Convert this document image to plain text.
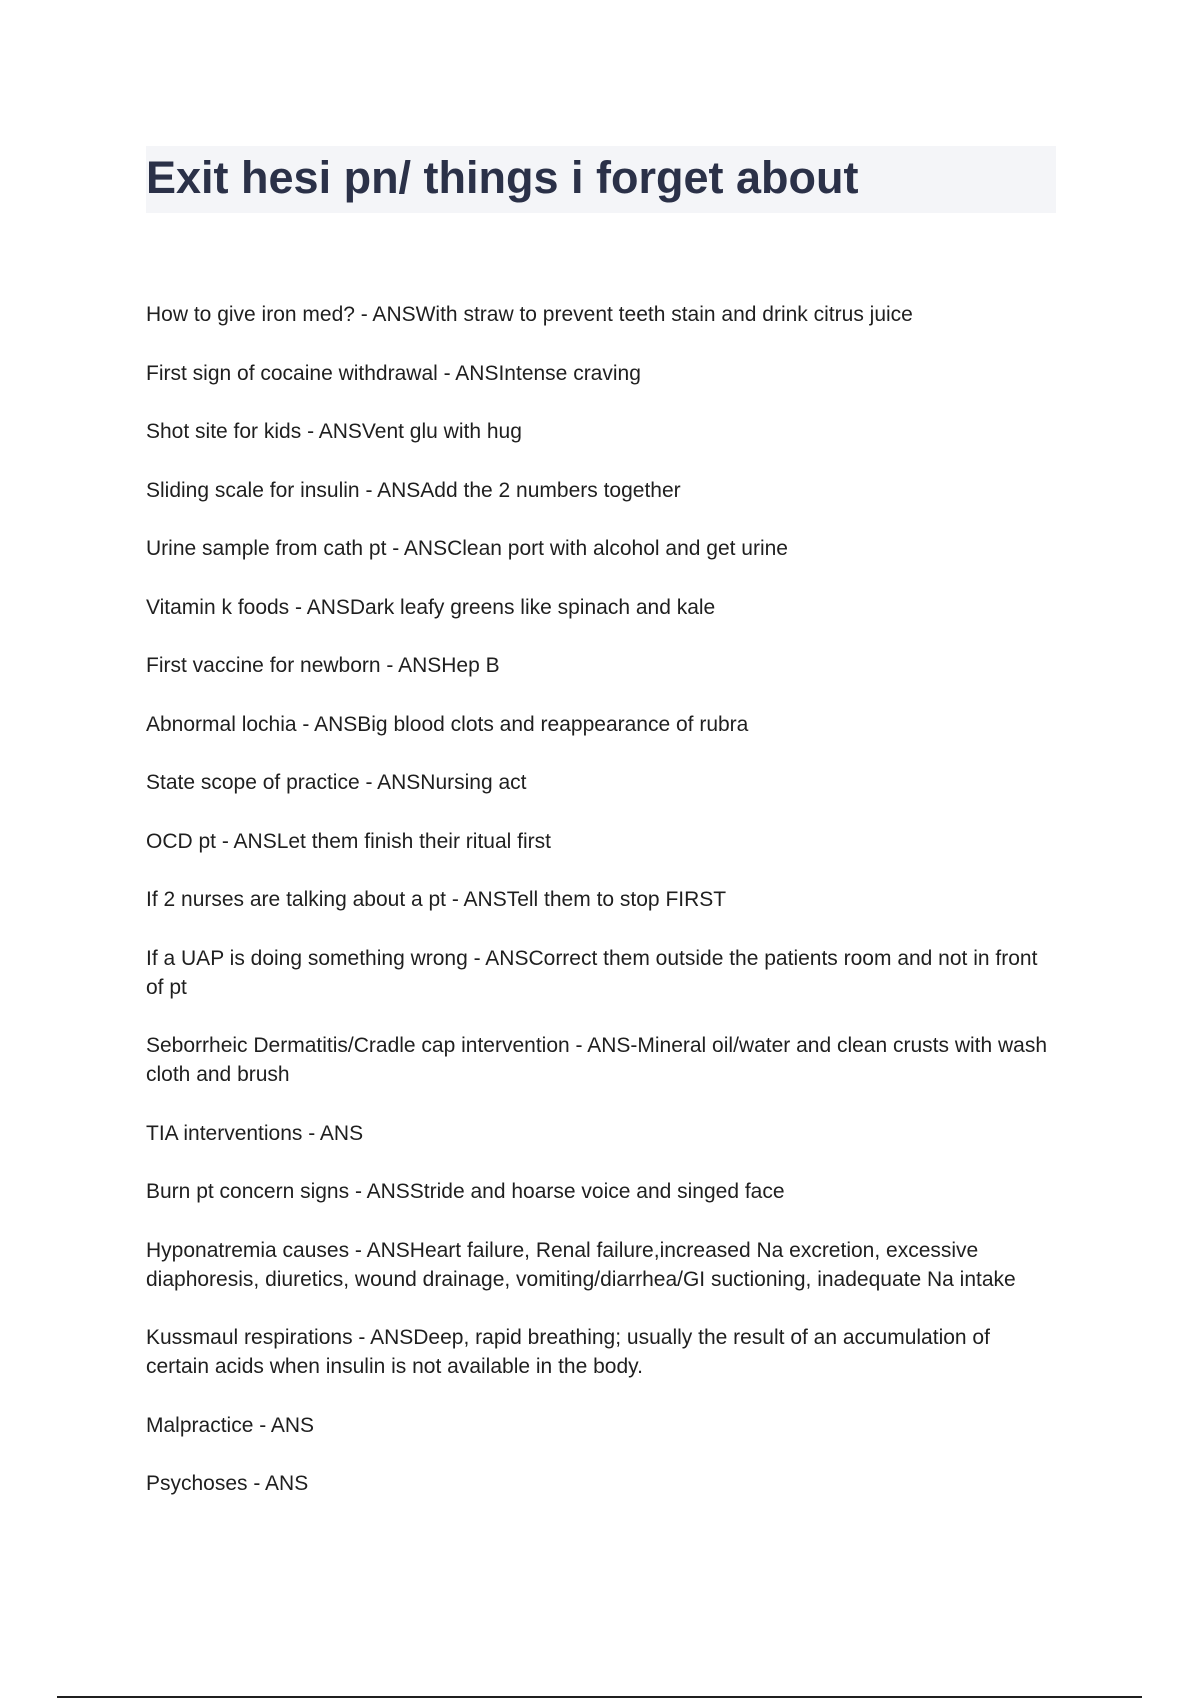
Exit hesi pn/ things i forget about
How to give iron med? - ANSWith straw to prevent teeth stain and drink citrus juice
First sign of cocaine withdrawal - ANSIntense craving
Shot site for kids - ANSVent glu with hug
Sliding scale for insulin - ANSAdd the 2 numbers together
Urine sample from cath pt - ANSClean port with alcohol and get urine
Vitamin k foods - ANSDark leafy greens like spinach and kale
First vaccine for newborn - ANSHep B
Abnormal lochia - ANSBig blood clots and reappearance of rubra
State scope of practice - ANSNursing act
OCD pt - ANSLet them finish their ritual first
If 2 nurses are talking about a pt - ANSTell them to stop FIRST
If a UAP is doing something wrong - ANSCorrect them outside the patients room and not in front of pt
Seborrheic Dermatitis/Cradle cap intervention - ANS-Mineral oil/water and clean crusts with wash cloth and brush
TIA interventions - ANS
Burn pt concern signs - ANSStride and hoarse voice and singed face
Hyponatremia causes - ANSHeart failure, Renal failure,increased Na excretion, excessive diaphoresis, diuretics, wound drainage, vomiting/diarrhea/GI suctioning, inadequate Na intake
Kussmaul respirations - ANSDeep, rapid breathing; usually the result of an accumulation of certain acids when insulin is not available in the body.
Malpractice - ANS
Psychoses - ANS
